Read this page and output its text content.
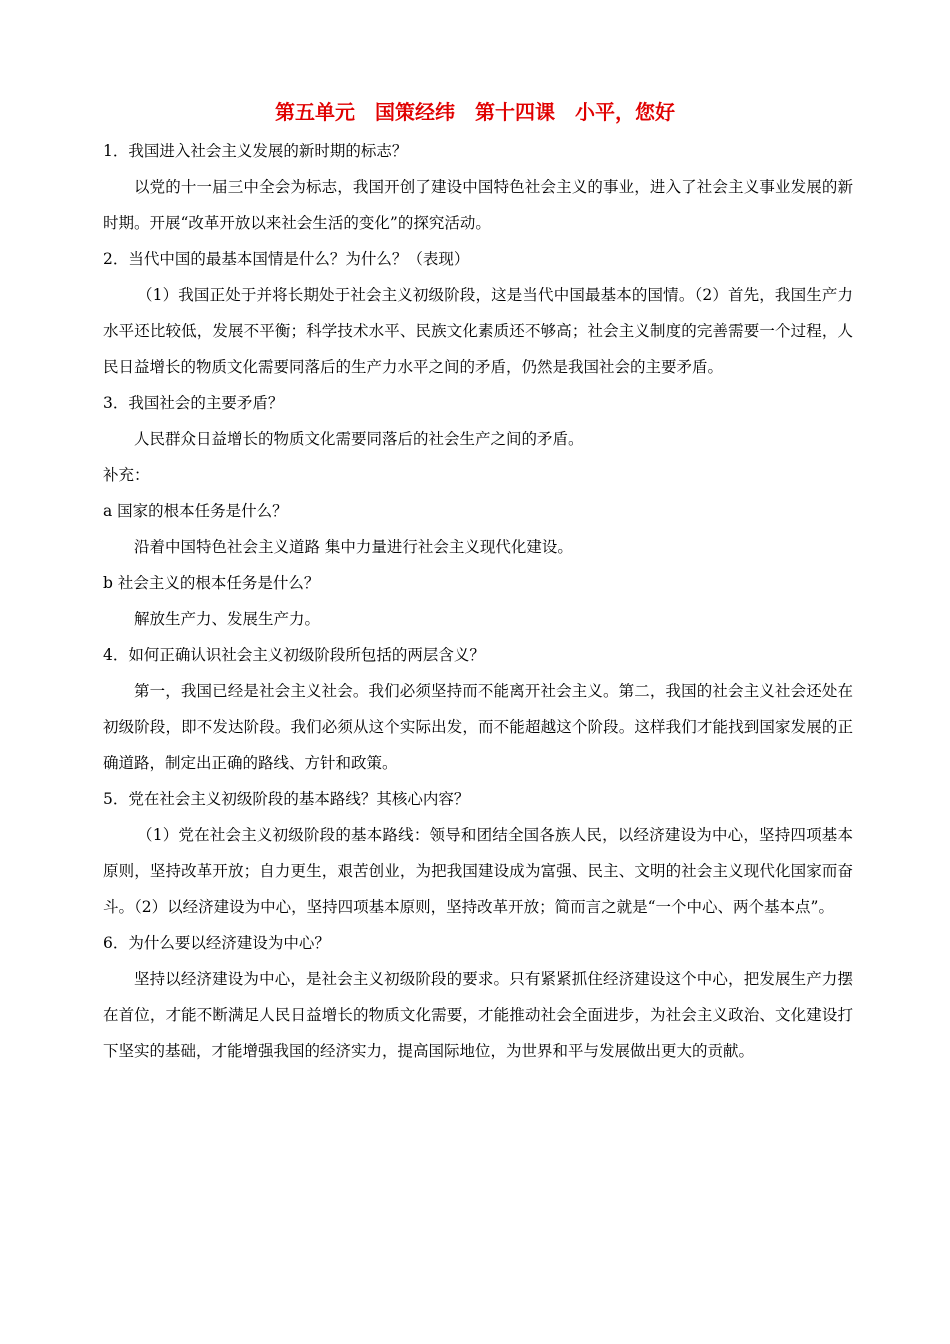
第五单元　国策经纬　第十四课　小平，您好

1．我国进入社会主义发展的新时期的标志？

以党的十一届三中全会为标志，我国开创了建设中国特色社会主义的事业，进入了社会主义事业发展的新时期。开展“改革开放以来社会生活的变化”的探究活动。

2．当代中国的最基本国情是什么？为什么？（表现）

（1）我国正处于并将长期处于社会主义初级阶段，这是当代中国最基本的国情。（2）首先，我国生产力水平还比较低，发展不平衡；科学技术水平、民族文化素质还不够高；社会主义制度的完善需要一个过程，人民日益增长的物质文化需要同落后的生产力水平之间的矛盾，仍然是我国社会的主要矛盾。

3．我国社会的主要矛盾？

人民群众日益增长的物质文化需要同落后的社会生产之间的矛盾。

补充：

a 国家的根本任务是什么？

沿着中国特色社会主义道路 集中力量进行社会主义现代化建设。

b 社会主义的根本任务是什么？

解放生产力、发展生产力。

4．如何正确认识社会主义初级阶段所包括的两层含义？

第一，我国已经是社会主义社会。我们必须坚持而不能离开社会主义。第二，我国的社会主义社会还处在初级阶段，即不发达阶段。我们必须从这个实际出发，而不能超越这个阶段。这样我们才能找到国家发展的正确道路，制定出正确的路线、方针和政策。

5．党在社会主义初级阶段的基本路线？其核心内容？

（1）党在社会主义初级阶段的基本路线：领导和团结全国各族人民，以经济建设为中心，坚持四项基本原则，坚持改革开放；自力更生，艰苦创业，为把我国建设成为富强、民主、文明的社会主义现代化国家而奋斗。（2）以经济建设为中心，坚持四项基本原则，坚持改革开放；简而言之就是“一个中心、两个基本点”。

6．为什么要以经济建设为中心？

坚持以经济建设为中心，是社会主义初级阶段的要求。只有紧紧抓住经济建设这个中心，把发展生产力摆在首位，才能不断满足人民日益增长的物质文化需要，才能推动社会全面进步，为社会主义政治、文化建设打下坚实的基础，才能增强我国的经济实力，提高国际地位，为世界和平与发展做出更大的贡献。
